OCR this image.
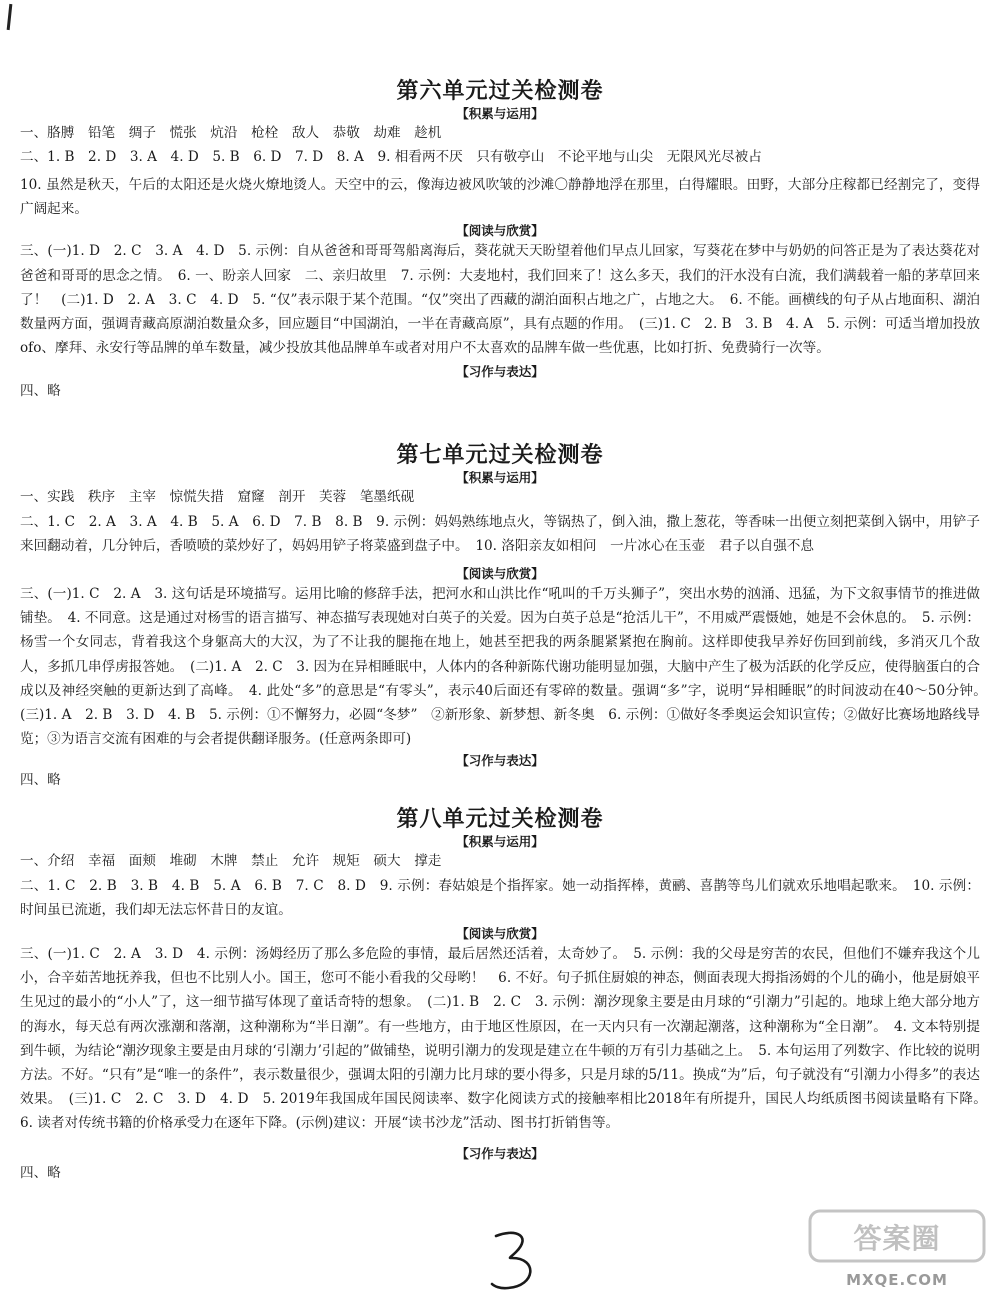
第六单元过关检测卷
【积累与运用】
一、胳膊　铅笔　绸子　慌张　炕沿　枪栓　敌人　恭敬　劫难　趁机
二、1. B　2. D　3. A　4. D　5. B　6. D　7. D　8. A　9. 相看两不厌　只有敬亭山　不论平地与山尖　无限风光尽被占
10. 虽然是秋天，午后的太阳还是火烧火燎地烫人。天空中的云，像海边被风吹皱的沙滩〇静静地浮在那里，白得耀眼。田野，大部分庄稼都已经割完了，变得广阔起来。
【阅读与欣赏】
三、(一)1. D　2. C　3. A　4. D　5. 示例：自从爸爸和哥哥驾船离海后，葵花就天天盼望着他们早点儿回家，写葵花在梦中与奶奶的问答正是为了表达葵花对爸爸和哥哥的思念之情。　6. 一、盼亲人回家　二、亲归故里　7. 示例：大麦地村，我们回来了！这么多天，我们的汗水没有白流，我们满载着一船的茅草回来了！　(二)1. D　2. A　3. C　4. D　5. “仅”表示限于某个范围。“仅”突出了西藏的湖泊面积占地之广，占地之大。　6. 不能。画横线的句子从占地面积、湖泊数量两方面，强调青藏高原湖泊数量众多，回应题目“中国湖泊，一半在青藏高原”，具有点题的作用。　(三)1. C　2. B　3. B　4. A　5. 示例：可适当增加投放 ofo、摩拜、永安行等品牌的单车数量，减少投放其他品牌单车或者对用户不太喜欢的品牌车做一些优惠，比如打折、免费骑行一次等。
【习作与表达】
四、略
第七单元过关检测卷
【积累与运用】
一、实践　秩序　主宰　惊慌失措　窟窿　剖开　芙蓉　笔墨纸砚
二、1. C　2. A　3. A　4. B　5. A　6. D　7. B　8. B　9. 示例：妈妈熟练地点火，等锅热了，倒入油，撒上葱花，等香味一出便立刻把菜倒入锅中，用铲子来回翻动着，几分钟后，香喷喷的菜炒好了，妈妈用铲子将菜盛到盘子中。　10. 洛阳亲友如相问　一片冰心在玉壶　君子以自强不息
【阅读与欣赏】
三、(一)1. C　2. A　3. 这句话是环境描写。运用比喻的修辞手法，把河水和山洪比作“吼叫的千万头狮子”，突出水势的汹涌、迅猛，为下文叙事情节的推进做铺垫。　4. 不同意。这是通过对杨雪的语言描写、神态描写表现她对白英子的关爱。因为白英子总是“抢活儿干”，不用威严震慑她，她是不会休息的。　5. 示例：杨雪一个女同志，背着我这个身躯高大的大汉，为了不让我的腿拖在地上，她甚至把我的两条腿紧紧抱在胸前。这样即使我早养好伤回到前线，多消灭几个敌人，多抓几串俘虏报答她。　(二)1. A　2. C　3. 因为在异相睡眠中，人体内的各种新陈代谢功能明显加强，大脑中产生了极为活跃的化学反应，使得脑蛋白的合成以及神经突触的更新达到了高峰。　4. 此处“多”的意思是“有零头”，表示40后面还有零碎的数量。强调“多”字，说明“异相睡眠”的时间波动在40～50分钟。　(三)1. A　2. B　3. D　4. B　5. 示例：①不懈努力，必圆“冬梦”　②新形象、新梦想、新冬奥　6. 示例：①做好冬季奥运会知识宣传；②做好比赛场地路线导览；③为语言交流有困难的与会者提供翻译服务。(任意两条即可)
【习作与表达】
四、略
第八单元过关检测卷
【积累与运用】
一、介绍　幸福　面颊　堆砌　木牌　禁止　允许　规矩　硕大　撑走
二、1. C　2. B　3. B　4. B　5. A　6. B　7. C　8. D　9. 示例：春姑娘是个指挥家。她一动指挥棒，黄鹂、喜鹊等鸟儿们就欢乐地唱起歌来。　10. 示例：时间虽已流逝，我们却无法忘怀昔日的友谊。
【阅读与欣赏】
三、(一)1. C　2. A　3. D　4. 示例：汤姆经历了那么多危险的事情，最后居然还活着，太奇妙了。　5. 示例：我的父母是穷苦的农民，但他们不嫌弃我这个儿小，合辛茹苦地抚养我，但也不比别人小。国王，您可不能小看我的父母哟！　6. 不好。句子抓住厨娘的神态，侧面表现大拇指汤姆的个儿的确小，他是厨娘平生见过的最小的“小人”了，这一细节描写体现了童话奇特的想象。　(二)1. B　2. C　3. 示例：潮汐现象主要是由月球的“引潮力”引起的。地球上绝大部分地方的海水，每天总有两次涨潮和落潮，这种潮称为“半日潮”。有一些地方，由于地区性原因，在一天内只有一次潮起潮落，这种潮称为“全日潮”。　4. 文本特别提到牛顿，为结论“潮汐现象主要是由月球的‘引潮力’引起的”做铺垫，说明引潮力的发现是建立在牛顿的万有引力基础之上。　5. 本句运用了列数字、作比较的说明方法。不好。“只有”是“唯一的条件”，表示数量很少，强调太阳的引潮力比月球的要小得多，只是月球的5/11。换成“为”后，句子就没有“引潮力小得多”的表达效果。　(三)1. C　2. C　3. D　4. D　5. 2019年我国成年国民阅读率、数字化阅读方式的接触率相比2018年有所提升，国民人均纸质图书阅读量略有下降。　6. 读者对传统书籍的价格承受力在逐年下降。(示例)建议：开展“读书沙龙”活动、图书打折销售等。
【习作与表达】
四、略
答案圈
MXQE.COM
